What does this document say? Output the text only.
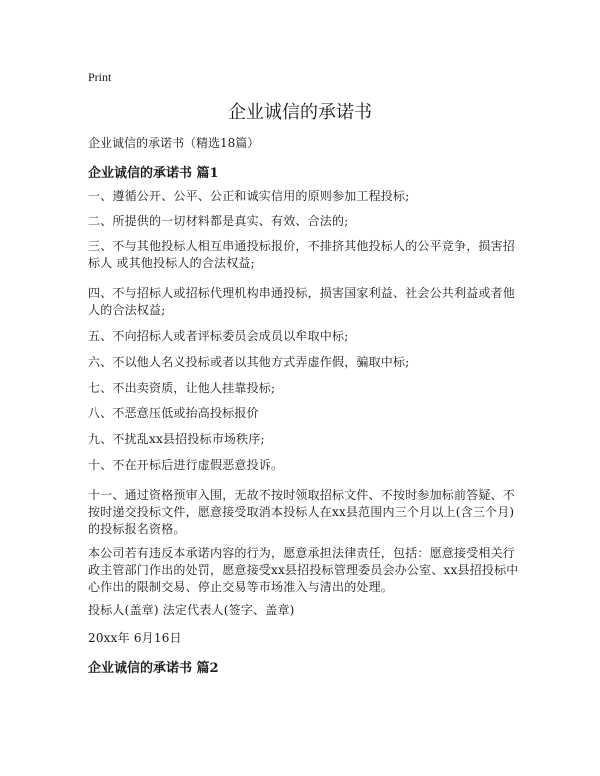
Print
企业诚信的承诺书
企业诚信的承诺书（精选18篇）
企业诚信的承诺书 篇1
一、遵循公开、公平、公正和诚实信用的原则参加工程投标;
二、所提供的一切材料都是真实、有效、合法的;
三、不与其他投标人相互串通投标报价，不排挤其他投标人的公平竞争，损害招标人 或其他投标人的合法权益;
四、不与招标人或招标代理机构串通投标，损害国家利益、社会公共利益或者他人的合法权益;
五、不向招标人或者评标委员会成员以牟取中标;
六、不以他人名义投标或者以其他方式弄虚作假，骗取中标;
七、不出卖资质，让他人挂靠投标;
八、不恶意压低或抬高投标报价
九、不扰乱xx县招投标市场秩序;
十、不在开标后进行虚假恶意投诉。
十一、通过资格预审入围，无故不按时领取招标文件、不按时参加标前答疑、不按时递交投标文件，愿意接受取消本投标人在xx县范围内三个月以上(含三个月)的投标报名资格。
本公司若有违反本承诺内容的行为，愿意承担法律责任，包括：愿意接受相关行政主管部门作出的处罚，愿意接受xx县招投标管理委员会办公室、xx县招投标中心作出的限制交易、停止交易等市场准入与清出的处理。
投标人(盖章) 法定代表人(签字、盖章)
20xx年 6月16日
企业诚信的承诺书 篇2
